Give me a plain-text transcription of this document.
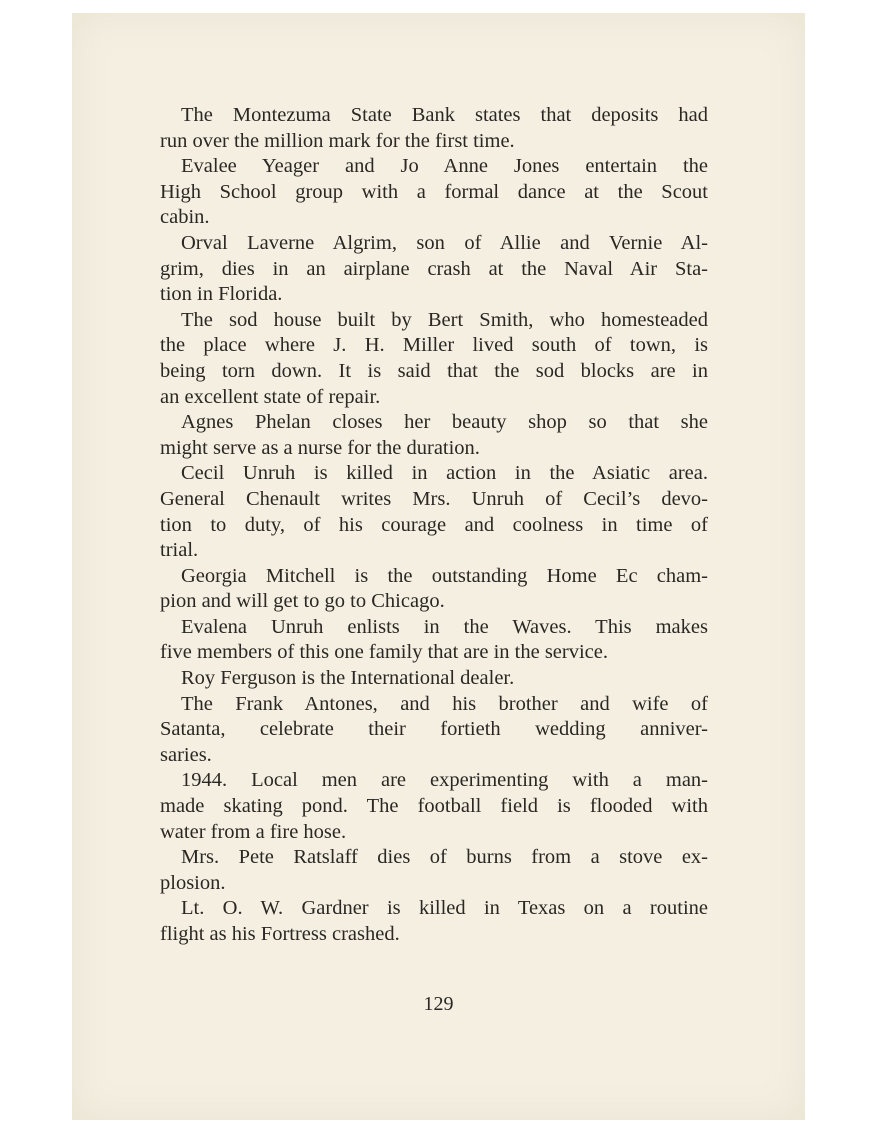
The Montezuma State Bank states that deposits had
run over the million mark for the first time.

Evalee Yeager and Jo Anne Jones entertain the
High School group with a formal dance at the Scout
cabin.

Orval Laverne Algrim, son of Allie and Vernie Al-
grim, dies in an airplane crash at the Naval Air Sta-
tion in Florida.

The sod house built by Bert Smith, who homesteaded
the place where J. H. Miller lived south of town, is
being torn down. It is said that the sod blocks are in
an excellent state of repair.

Agnes Phelan closes her beauty shop so that she
might serve as a nurse for the duration.

Cecil Unruh is killed in action in the Asiatic area.
General Chenault writes Mrs. Unruh of Cecil’s devo-
tion to duty, of his courage and coolness in time of
trial.

Georgia Mitchell is the outstanding Home Ec cham-
pion and will get to go to Chicago.

Evalena Unruh enlists in the Waves. This makes
five members of this one family that are in the service.

Roy Ferguson is the International dealer.

The Frank Antones, and his brother and wife of
Satanta, celebrate their fortieth wedding anniver-
saries.

1944. Local men are experimenting with a man-
made skating pond. The football field is flooded with
water from a fire hose.

Mrs. Pete Ratslaff dies of burns from a stove ex-
plosion.

Lt. O. W. Gardner is killed in Texas on a routine
flight as his Fortress crashed.

129
